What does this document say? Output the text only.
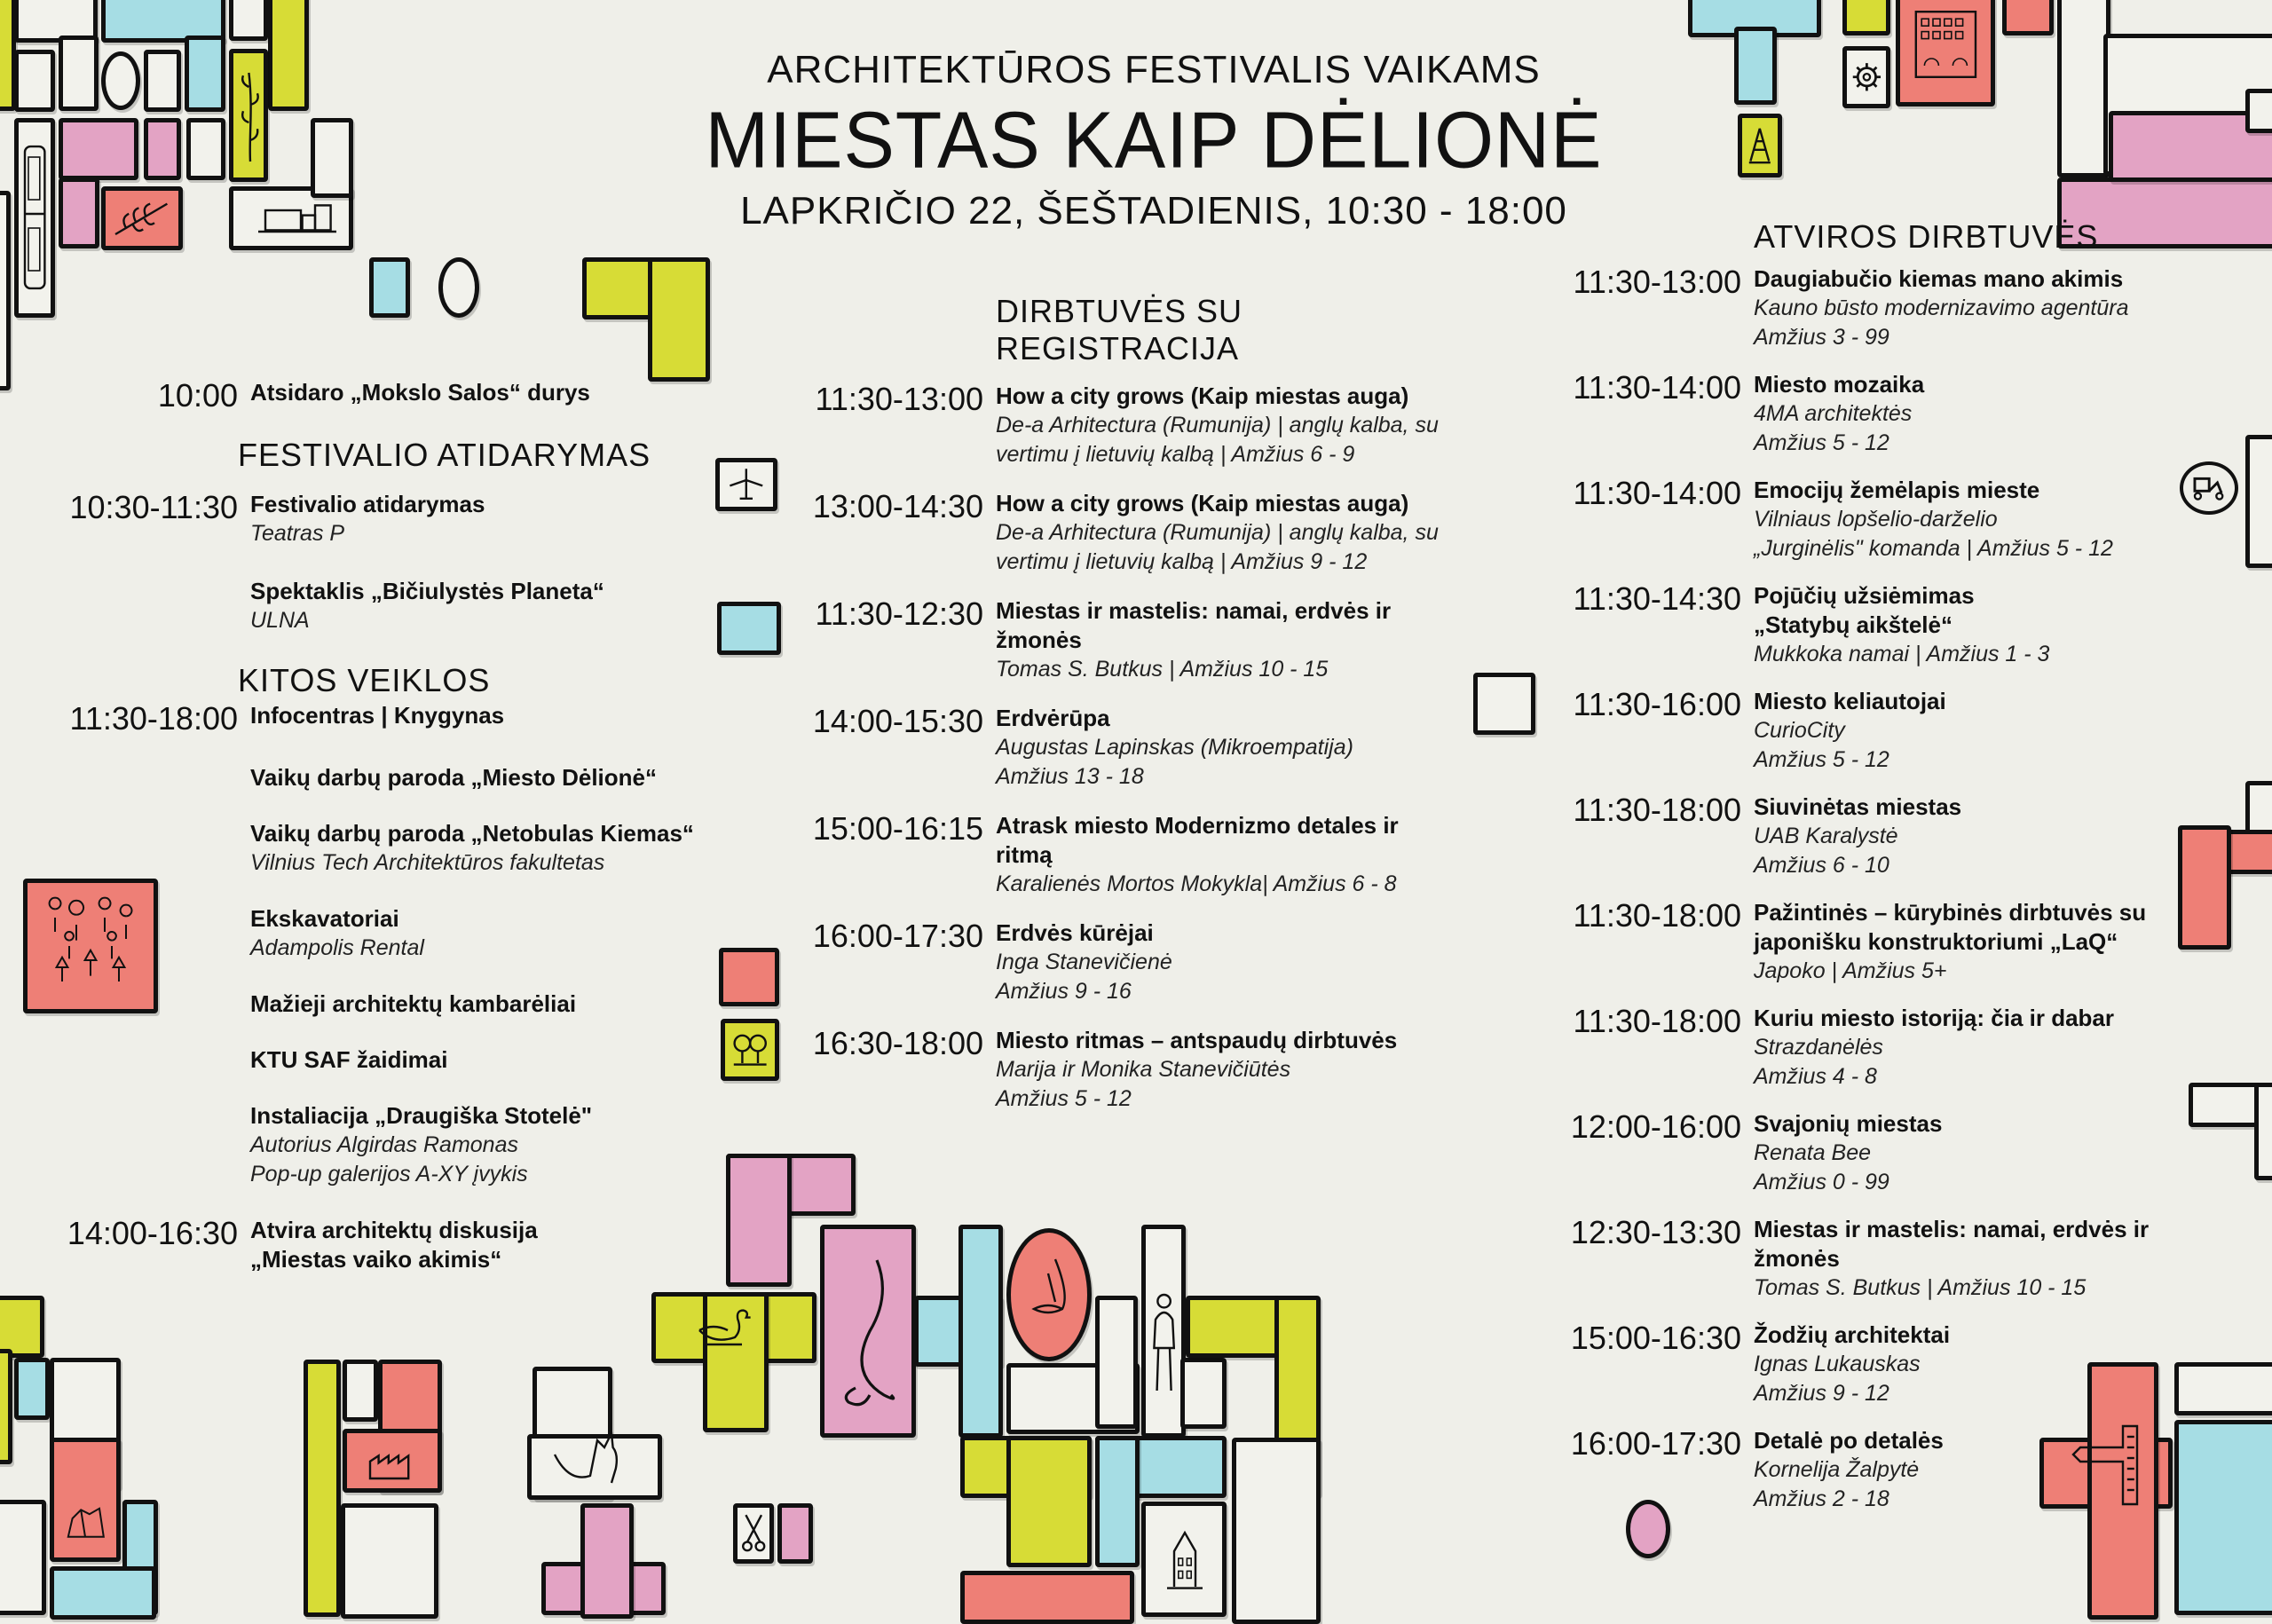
ARCHITEKTŪROS FESTIVALIS VAIKAMS
MIESTAS KAIP DĖLIONĖ
LAPKRIČIO 22, ŠEŠTADIENIS, 10:30 - 18:00
10:00 Atsidaro „Mokslo Salos“ durys
FESTIVALIO ATIDARYMAS
10:30-11:30 Festivalio atidarymas
Teatras P
Spektaklis „Bičiulystės Planeta“
ULNA
KITOS VEIKLOS
11:30-18:00 Infocentras | Knygynas
Vaikų darbų paroda „Miesto Dėlionė“
Vaikų darbų paroda „Netobulas Kiemas“
Vilnius Tech Architektūros fakultetas
Ekskavatoriai
Adampolis Rental
Mažieji architektų kambarėliai
KTU SAF žaidimai
Instaliacija „Draugiška Stotelė"
Autorius Algirdas Ramonas
Pop-up galerijos A-XY įvykis
14:00-16:30 Atvira architektų diskusija
„Miestas vaiko akimis“
DIRBTUVĖS SU
REGISTRACIJA
11:30-13:00 How a city grows (Kaip miestas auga)
De-a Arhitectura (Rumunija) | anglų kalba, su
vertimu į lietuvių kalbą | Amžius 6 - 9
13:00-14:30 How a city grows (Kaip miestas auga)
De-a Arhitectura (Rumunija) | anglų kalba, su
vertimu į lietuvių kalbą | Amžius 9 - 12
11:30-12:30 Miestas ir mastelis: namai, erdvės ir
žmonės
Tomas S. Butkus | Amžius 10 - 15
14:00-15:30 Erdvėrūpa
Augustas Lapinskas (Mikroempatija)
Amžius 13 - 18
15:00-16:15 Atrask miesto Modernizmo detales ir
ritmą
Karalienės Mortos Mokykla| Amžius 6 - 8
16:00-17:30 Erdvės kūrėjai
Inga Stanevičienė
Amžius 9 - 16
16:30-18:00 Miesto ritmas – antspaudų dirbtuvės
Marija ir Monika Stanevičiūtės
Amžius 5 - 12
ATVIROS DIRBTUVĖS
11:30-13:00 Daugiabučio kiemas mano akimis
Kauno būsto modernizavimo agentūra
Amžius 3 - 99
11:30-14:00 Miesto mozaika
4MA architektės
Amžius 5 - 12
11:30-14:00 Emocijų žemėlapis mieste
Vilniaus lopšelio-darželio
„Jurginėlis" komanda | Amžius 5 - 12
11:30-14:30 Pojūčių užsiėmimas
„Statybų aikštelė“
Mukkoka namai | Amžius 1 - 3
11:30-16:00 Miesto keliautojai
CurioCity
Amžius 5 - 12
11:30-18:00 Siuvinėtas miestas
UAB Karalystė
Amžius 6 - 10
11:30-18:00 Pažintinės – kūrybinės dirbtuvės su
japonišku konstruktoriumi „LaQ“
Japoko | Amžius 5+
11:30-18:00 Kuriu miesto istoriją: čia ir dabar
Strazdanėlės
Amžius 4 - 8
12:00-16:00 Svajonių miestas
Renata Bee
Amžius 0 - 99
12:30-13:30 Miestas ir mastelis: namai, erdvės ir
žmonės
Tomas S. Butkus | Amžius 10 - 15
15:00-16:30 Žodžių architektai
Ignas Lukauskas
Amžius 9 - 12
16:00-17:30 Detalė po detalės
Kornelija Žalpytė
Amžius 2 - 18
